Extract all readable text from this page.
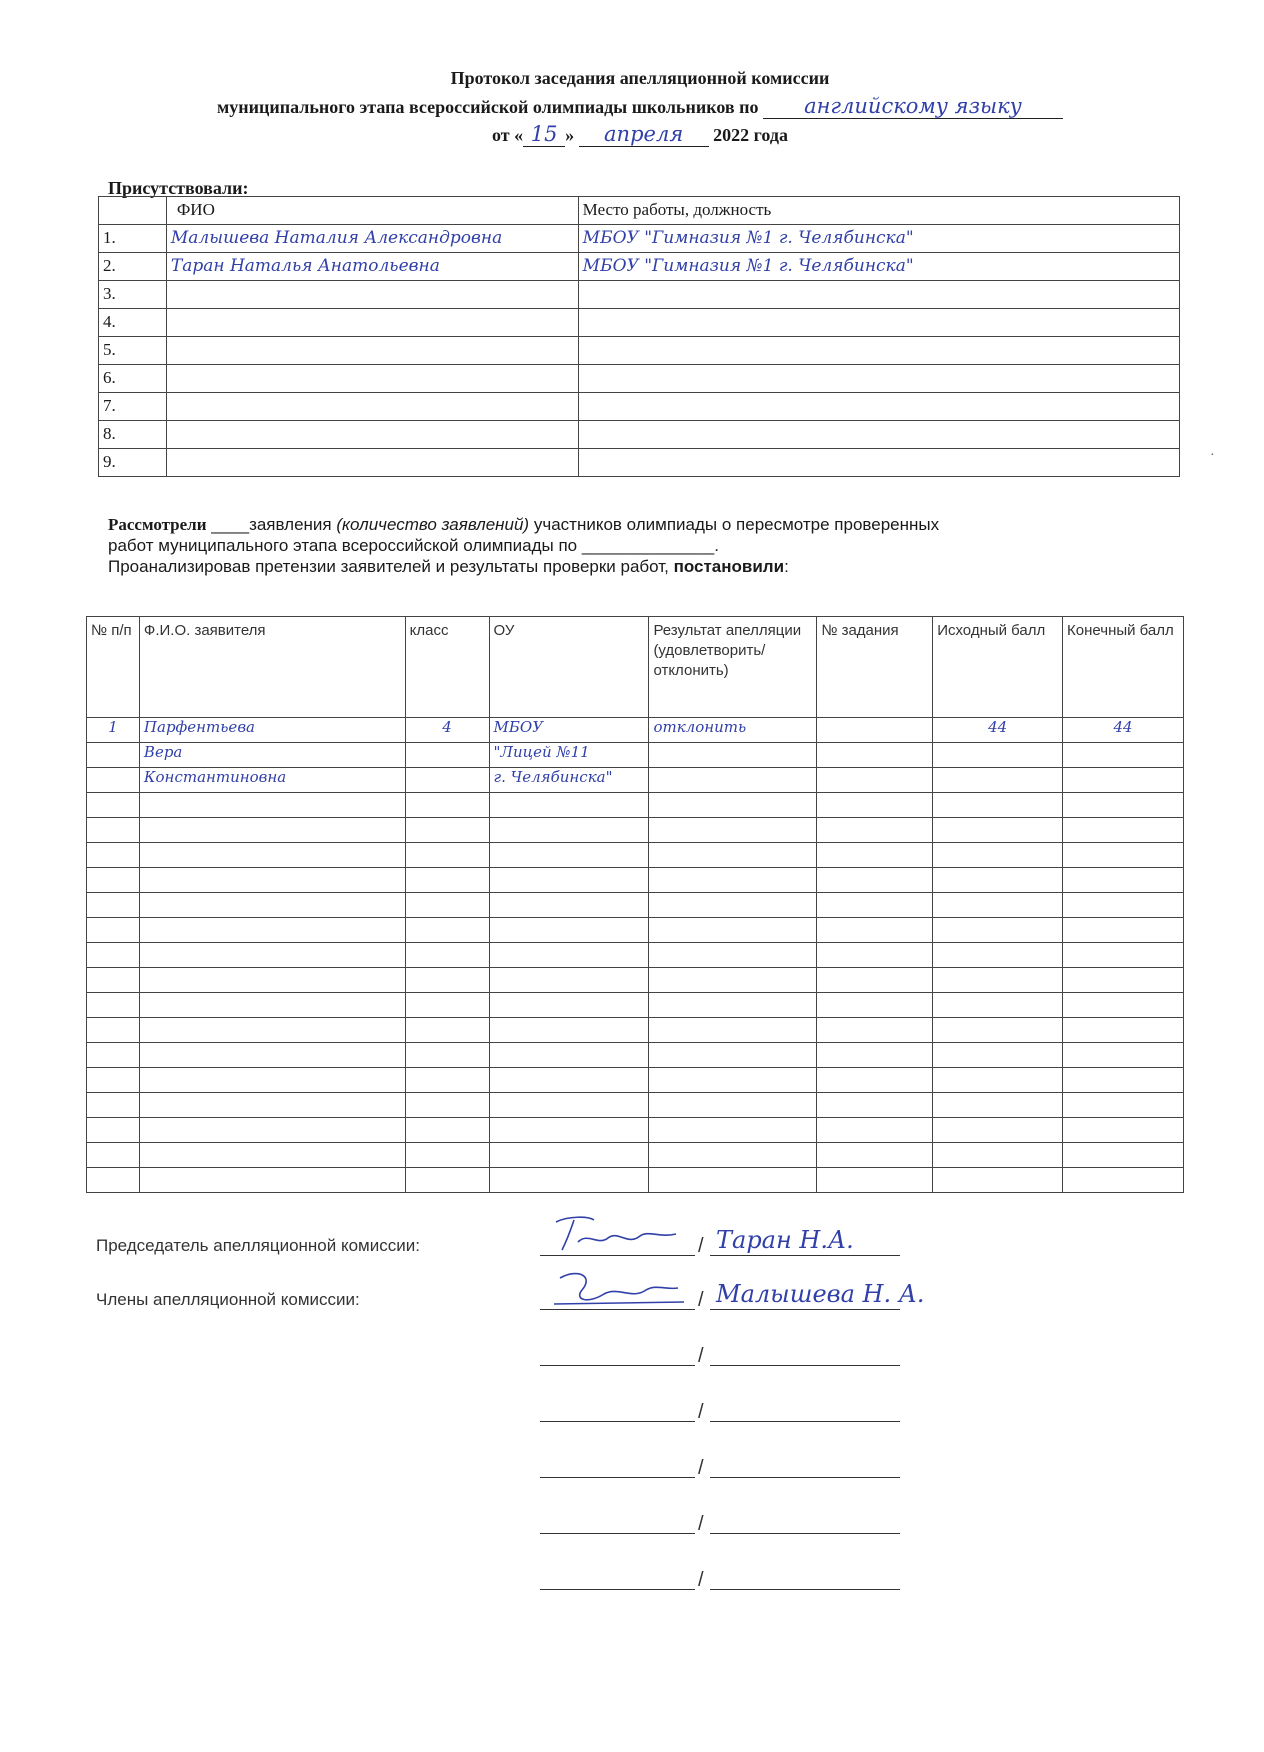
Протокол заседания апелляционной комиссии
муниципального этапа всероссийской олимпиады школьников по английскому языку
от « 15 » апреля 2022 года
Присутствовали:
	ФИО	Место работы, должность
1.	Малышева Наталия Александровна	МБОУ "Гимназия №1 г. Челябинска"
2.	Таран Наталья Анатольевна	МБОУ "Гимназия №1 г. Челябинска"
3.		
4.		
5.		
6.		
7.		
8.		
9.		
Рассмотрели ____заявления (количество заявлений) участников олимпиады о пересмотре проверенных
работ муниципального этапа всероссийской олимпиады по ______________.
Проанализировав претензии заявителей и результаты проверки работ, постановили:
№ п/п	Ф.И.О. заявителя	класс	ОУ	Результат апелляции (удовлетворить/ отклонить)	№ задания	Исходный балл	Конечный балл
1	Парфентьева	4	МБОУ	отклонить		44	44
	Вера		"Лицей №11				
	Константиновна		г. Челябинска"				

Председатель апелляционной комиссии:
Члены апелляционной комиссии:
/ Таран Н.А.
/ Малышева Н. А.
/
/
/
/
/
·
